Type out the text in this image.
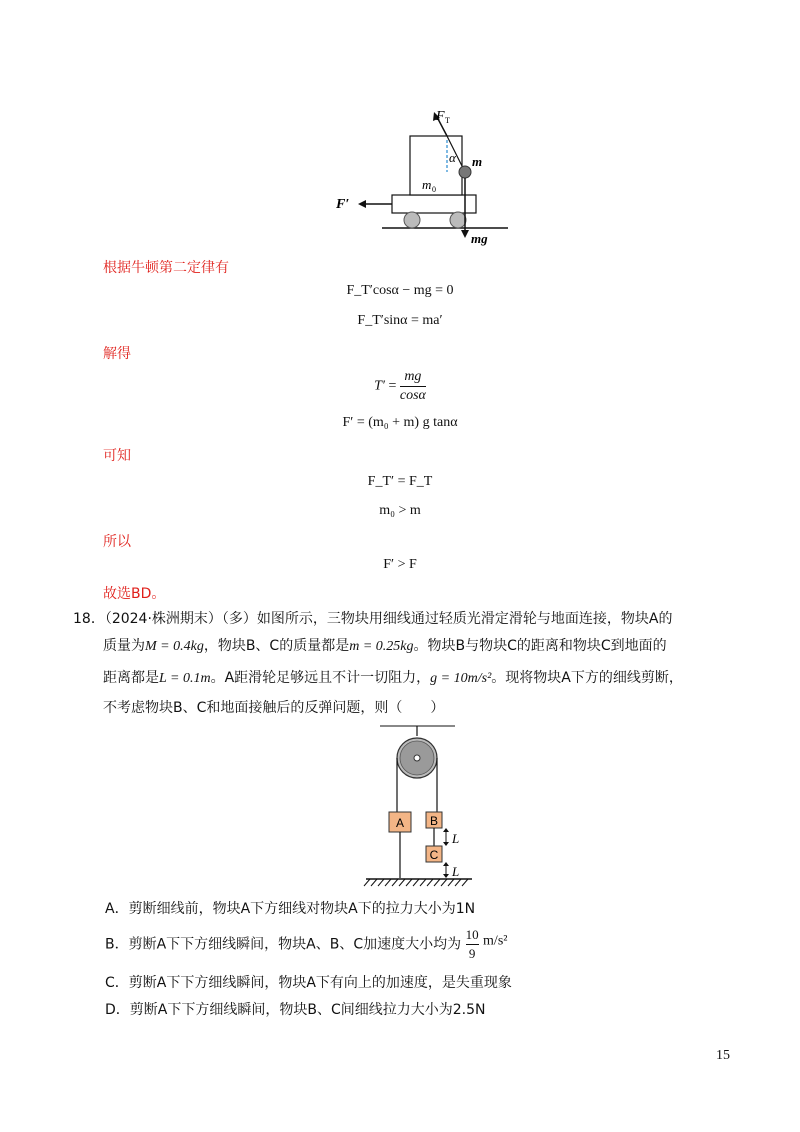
F T
α m
m 0
F′
mg
根据牛顿第二定律有
F_T′cosα − mg = 0
F_T′sinα = ma′
解得
$T' = \frac{mg}{\cos\alpha}$
F′ = (m₀ + m) g tanα
可知
F_T′ = F_T
m₀ > m
所以
F′ > F
故选BD。
18．（2024·株洲期末）（多）如图所示，三物块用细线通过轻质光滑定滑轮与地面连接，物块A的
质量为M = 0.4kg，物块B、C的质量都是m = 0.25kg。物块B与物块C的距离和物块C到地面的
距离都是L = 0.1m。A距滑轮足够远且不计一切阻力，g = 10m/s²。现将物块A下方的细线剪断，
不考虑物块B、C和地面接触后的反弹问题，则（　　）
A B
L
C
L
A．剪断细线前，物块A下方细线对物块A下的拉力大小为1N
B．剪断A下下方细线瞬间，物块A、B、C加速度大小均为 $\frac{10}{9} m/s^2$
C．剪断A下下方细线瞬间，物块A下有向上的加速度，是失重现象
D．剪断A下下方细线瞬间，物块B、C间细线拉力大小为2.5N
15
